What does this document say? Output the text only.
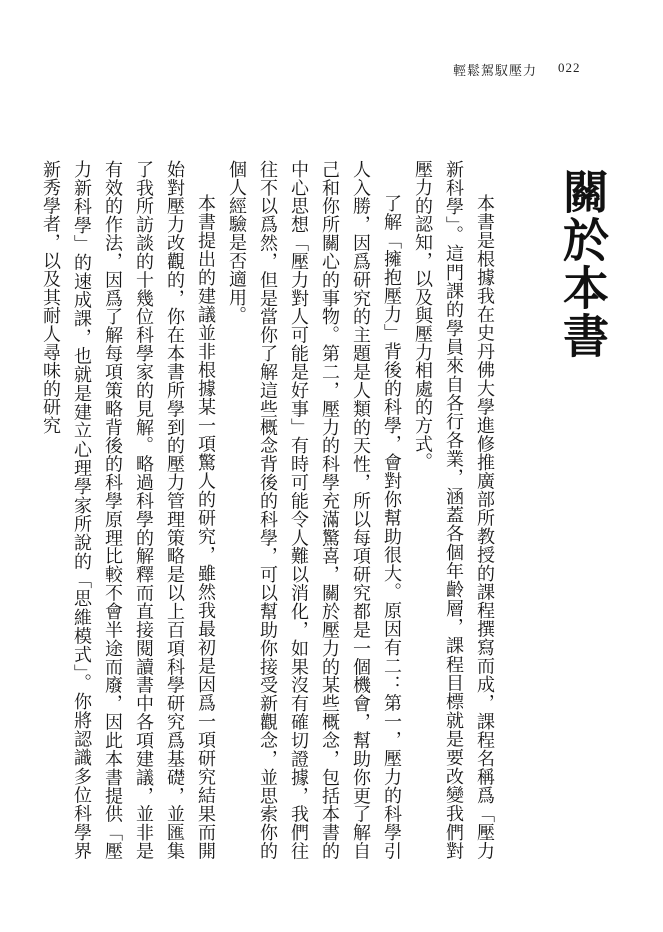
輕鬆駕馭壓力	022
關於本書

本書是根據我在史丹佛大學進修推廣部所教授的課程撰寫而成，課程名稱爲「壓力新科學」。這門課的學員來自各行各業，涵蓋各個年齡層，課程目標就是要改變我們對壓力的認知，以及與壓力相處的方式。

了解「擁抱壓力」背後的科學，會對你幫助很大。原因有二：第一，壓力的科學引人入勝，因爲研究的主題是人類的天性，所以每項研究都是一個機會，幫助你更了解自己和你所關心的事物。第二，壓力的科學充滿驚喜，關於壓力的某些概念，包括本書的中心思想「壓力對人可能是好事」有時可能令人難以消化，如果沒有確切證據，我們往往不以爲然，但是當你了解這些概念背後的科學，可以幫助你接受新觀念，並思索你的個人經驗是否適用。

本書提出的建議並非根據某一項驚人的研究，雖然我最初是因爲一項研究結果而開始對壓力改觀的，你在本書所學到的壓力管理策略是以上百項科學研究爲基礎，並匯集了我所訪談的十幾位科學家的見解。略過科學的解釋而直接閱讀書中各項建議，並非是有效的作法，因爲了解每項策略背後的科學原理比較不會半途而廢，因此本書提供「壓力新科學」的速成課，也就是建立心理學家所說的「思維模式」。你將認識多位科學界新秀學者，以及其耐人尋味的研究
